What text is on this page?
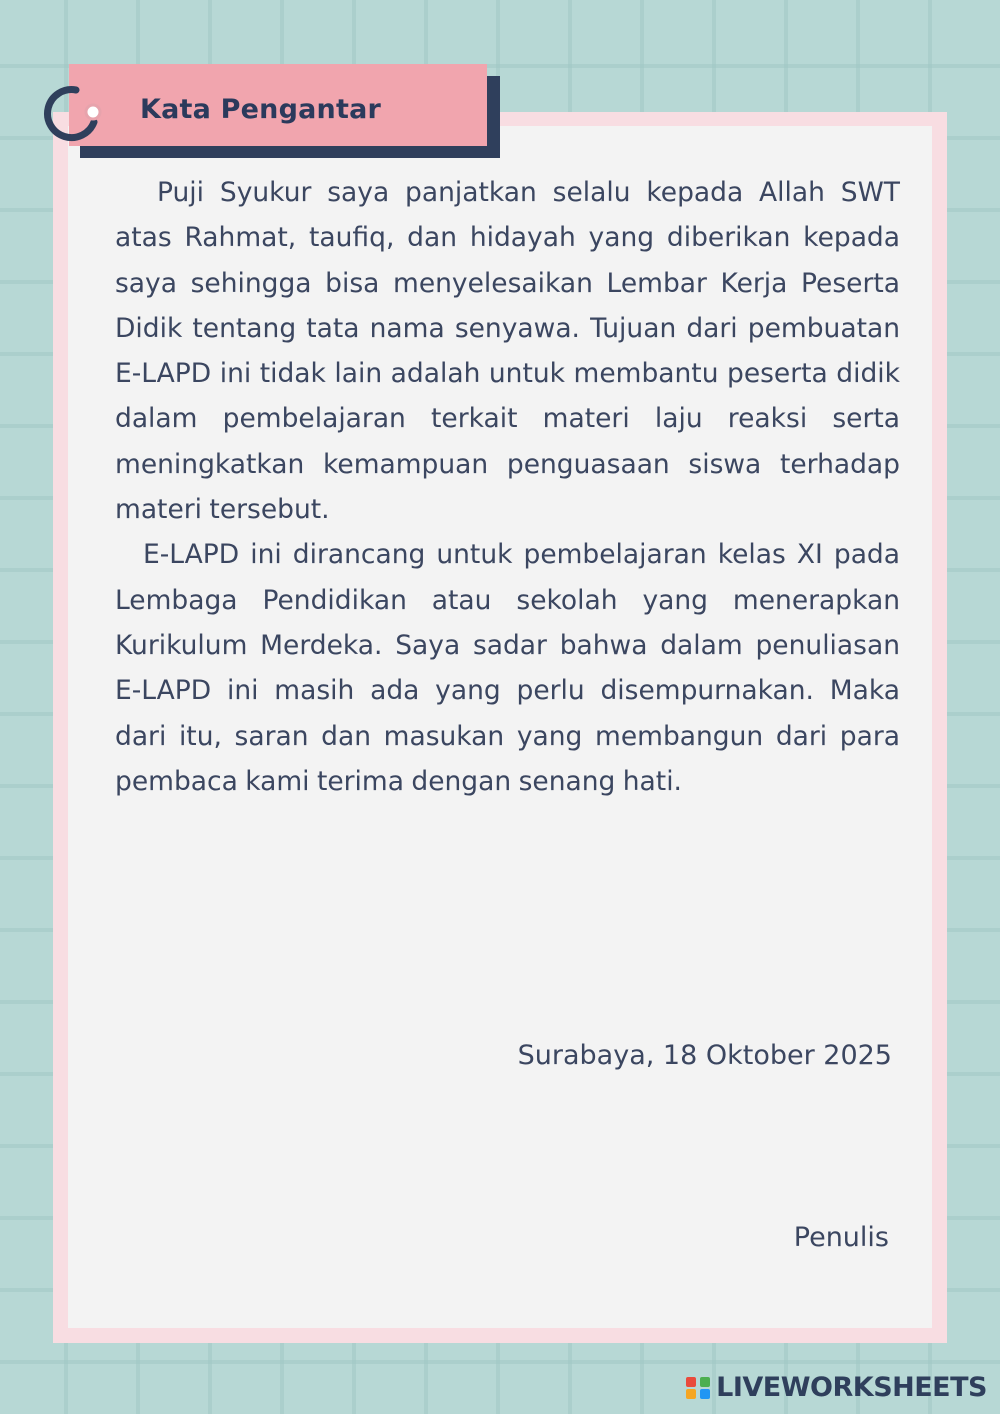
Kata Pengantar

Puji Syukur saya panjatkan selalu kepada Allah SWT atas Rahmat, taufiq, dan hidayah yang diberikan kepada saya sehingga bisa menyelesaikan Lembar Kerja Peserta Didik tentang tata nama senyawa. Tujuan dari pembuatan E-LAPD ini tidak lain adalah untuk membantu peserta didik dalam pembelajaran terkait materi laju reaksi serta meningkatkan kemampuan penguasaan siswa terhadap materi tersebut.

E-LAPD ini dirancang untuk pembelajaran kelas XI pada Lembaga Pendidikan atau sekolah yang menerapkan Kurikulum Merdeka. Saya sadar bahwa dalam penuliasan E-LAPD ini masih ada yang perlu disempurnakan. Maka dari itu, saran dan masukan yang membangun dari para pembaca kami terima dengan senang hati.

Surabaya, 18 Oktober 2025
Penulis
LIVEWORKSHEETS
